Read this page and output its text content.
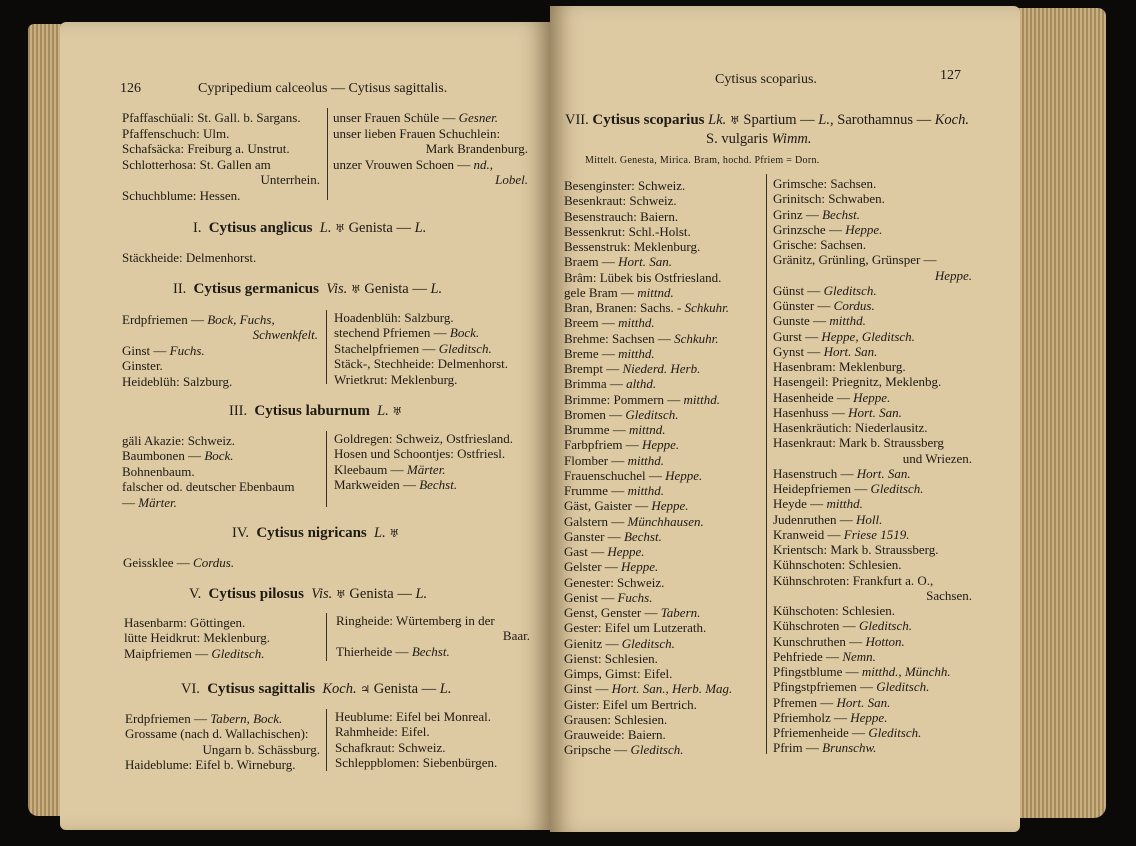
126	Cypripedium calceolus — Cytisus sagittalis.
Pfaffaschüali: St. Gall. b. Sargans.
Pfaffenschuch: Ulm.
Schafsäcka: Freiburg a. Unstrut.
Schlotterhosa: St. Gallen am
Unterrhein.
Schuchblume: Hessen.
unser Frauen Schüle — Gesner.
unser lieben Frauen Schuchlein:
Mark Brandenburg.
unzer Vrouwen Schoen — nd.,
Lobel.
I. Cytisus anglicus L. ♅ Genista — L.
Stäckheide: Delmenhorst.
II. Cytisus germanicus Vis. ♅ Genista — L.
Erdpfriemen — Bock, Fuchs,
Schwenkfelt.
Ginst — Fuchs.
Ginster.
Heideblüh: Salzburg.
Hoadenblüh: Salzburg.
stechend Pfriemen — Bock.
Stachelpfriemen — Gleditsch.
Stäck-, Stechheide: Delmenhorst.
Wrietkrut: Meklenburg.
III. Cytisus laburnum L. ♅
gäli Akazie: Schweiz.
Baumbonen — Bock.
Bohnenbaum.
falscher od. deutscher Ebenbaum
— Märter.
Goldregen: Schweiz, Ostfriesland.
Hosen und Schoontjes: Ostfriesl.
Kleebaum — Märter.
Markweiden — Bechst.
IV. Cytisus nigricans L. ♅
Geissklee — Cordus.
V. Cytisus pilosus Vis. ♅ Genista — L.
Hasenbarm: Göttingen.
lütte Heidkrut: Meklenburg.
Maipfriemen — Gleditsch.
Ringheide: Würtemberg in der
Baar.
Thierheide — Bechst.
VI. Cytisus sagittalis Koch. ♃ Genista — L.
Erdpfriemen — Tabern, Bock.
Grossame (nach d. Wallachischen):
Ungarn b. Schässburg.
Haideblume: Eifel b. Wirneburg.
Heublume: Eifel bei Monreal.
Rahmheide: Eifel.
Schafkraut: Schweiz.
Schleppblomen: Siebenbürgen.
Cytisus scoparius.	127
VII. Cytisus scoparius Lk. ♅ Spartium — L., Sarothamnus — Koch.
S. vulgaris Wimm.
Mittelt. Genesta, Mirica. Bram, hochd. Pfriem = Dorn.
Besenginster: Schweiz.
Besenkraut: Schweiz.
Besenstrauch: Baiern.
Bessenkrut: Schl.-Holst.
Bessenstruk: Meklenburg.
Braem — Hort. San.
Brâm: Lübek bis Ostfriesland.
gele Bram — mittnd.
Bran, Branen: Sachs. - Schkuhr.
Breem — mitthd.
Brehme: Sachsen — Schkuhr.
Breme — mitthd.
Brempt — Niederd. Herb.
Brimma — althd.
Brimme: Pommern — mitthd.
Bromen — Gleditsch.
Brumme — mittnd.
Farbpfriem — Heppe.
Flomber — mitthd.
Frauenschuchel — Heppe.
Frumme — mitthd.
Gäst, Gaister — Heppe.
Galstern — Münchhausen.
Ganster — Bechst.
Gast — Heppe.
Gelster — Heppe.
Genester: Schweiz.
Genist — Fuchs.
Genst, Genster — Tabern.
Gester: Eifel um Lutzerath.
Gienitz — Gleditsch.
Gienst: Schlesien.
Gimps, Gimst: Eifel.
Ginst — Hort. San., Herb. Mag.
Gister: Eifel um Bertrich.
Grausen: Schlesien.
Grauweide: Baiern.
Gripsche — Gleditsch.
Grimsche: Sachsen.
Grinitsch: Schwaben.
Grinz — Bechst.
Grinzsche — Heppe.
Grische: Sachsen.
Gränitz, Grünling, Grünsper —
Heppe.
Günst — Gleditsch.
Günster — Cordus.
Gunste — mitthd.
Gurst — Heppe, Gleditsch.
Gynst — Hort. San.
Hasenbram: Meklenburg.
Hasengeil: Priegnitz, Meklenbg.
Hasenheide — Heppe.
Hasenhuss — Hort. San.
Hasenkräutich: Niederlausitz.
Hasenkraut: Mark b. Straussberg
und Wriezen.
Hasenstruch — Hort. San.
Heidepfriemen — Gleditsch.
Heyde — mitthd.
Judenruthen — Holl.
Kranweid — Friese 1519.
Krientsch: Mark b. Straussberg.
Kühnschoten: Schlesien.
Kühnschroten: Frankfurt a. O.,
Sachsen.
Kühschoten: Schlesien.
Kühschroten — Gleditsch.
Kunschruthen — Hotton.
Pehfriede — Nemn.
Pfingstblume — mitthd., Münchh.
Pfingstpfriemen — Gleditsch.
Pfremen — Hort. San.
Pfriemholz — Heppe.
Pfriemenheide — Gleditsch.
Pfrim — Brunschw.
